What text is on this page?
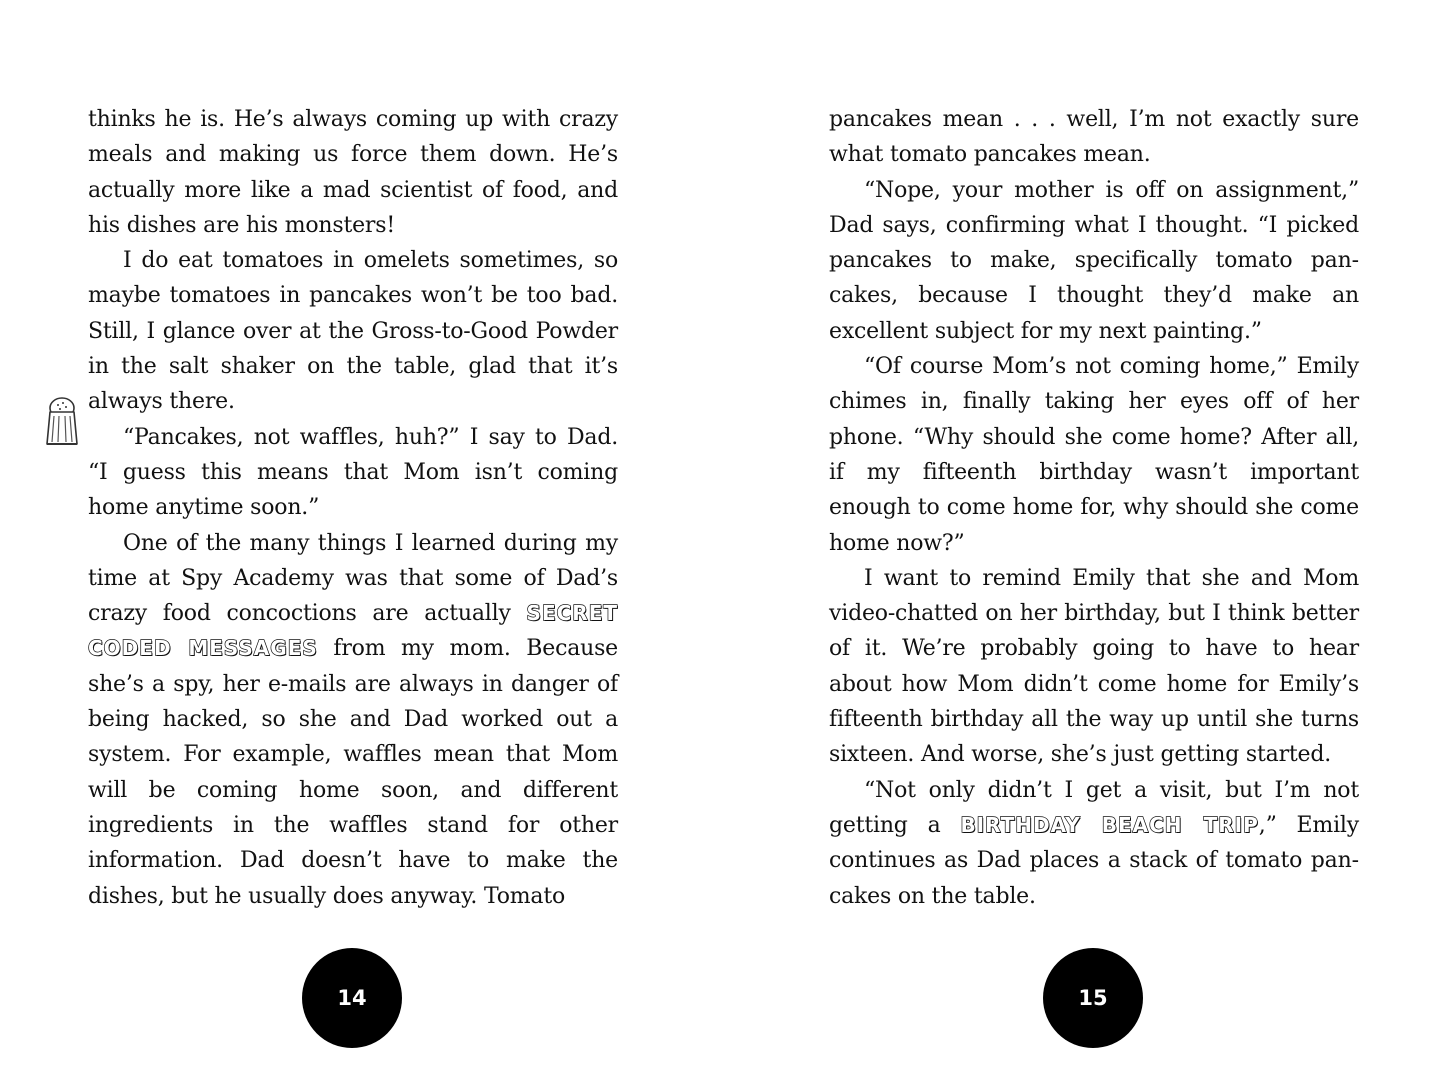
thinks he is. He’s always coming up with crazy meals and making us force them down. He’s actually more like a mad scientist of food, and his dishes are his monsters!

I do eat tomatoes in omelets sometimes, so maybe tomatoes in pancakes won’t be too bad. Still, I glance over at the Gross-to-Good Powder in the salt shaker on the table, glad that it’s always there.

“Pancakes, not waffles, huh?” I say to Dad. “I guess this means that Mom isn’t coming home anytime soon.”

One of the many things I learned during my time at Spy Academy was that some of Dad’s crazy food concoctions are actually SECRET CODED MESSAGES from my mom. Because she’s a spy, her e-mails are always in danger of being hacked, so she and Dad worked out a system. For example, waffles mean that Mom will be coming home soon, and different ingredients in the waffles stand for other information. Dad doesn’t have to make the dishes, but he usually does anyway. Tomato

14

pancakes mean . . . well, I’m not exactly sure what tomato pancakes mean.

“Nope, your mother is off on assignment,” Dad says, confirming what I thought. “I picked pancakes to make, specifically tomato pancakes, because I thought they’d make an excellent subject for my next painting.”

“Of course Mom’s not coming home,” Emily chimes in, finally taking her eyes off of her phone. “Why should she come home? After all, if my fifteenth birthday wasn’t important enough to come home for, why should she come home now?”

I want to remind Emily that she and Mom video-chatted on her birthday, but I think better of it. We’re probably going to have to hear about how Mom didn’t come home for Emily’s fifteenth birthday all the way up until she turns sixteen. And worse, she’s just getting started.

“Not only didn’t I get a visit, but I’m not getting a BIRTHDAY BEACH TRIP,” Emily continues as Dad places a stack of tomato pancakes on the table.

15
